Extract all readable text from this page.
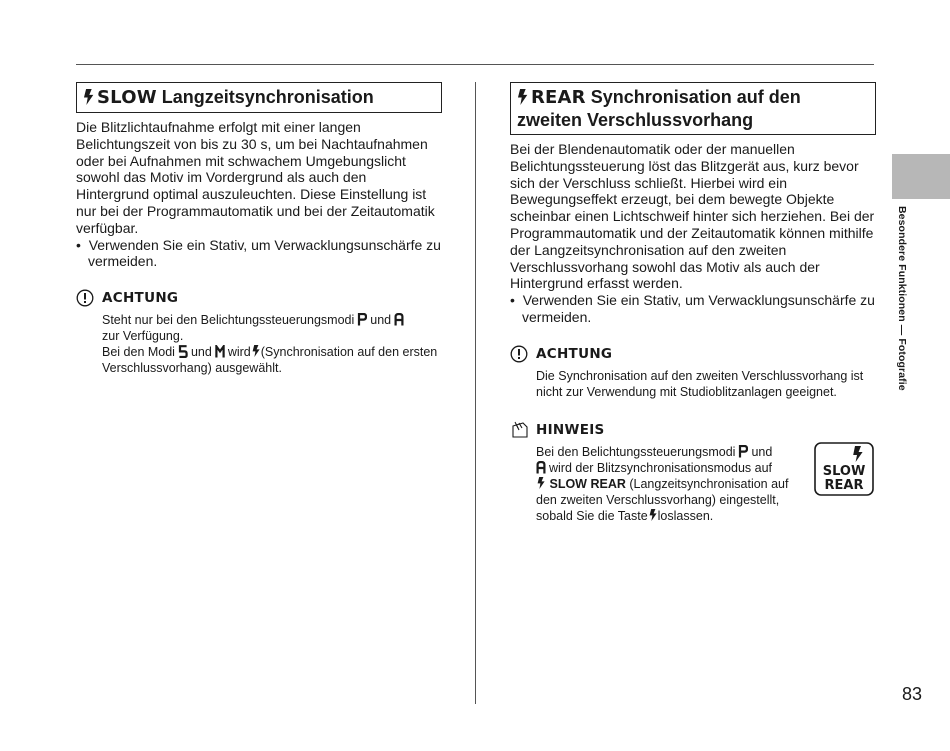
SLOW Langzeitsynchronisation

Die Blitzlichtaufnahme erfolgt mit einer langen Belichtungszeit von bis zu 30 s, um bei Nachtaufnahmen oder bei Aufnahmen mit schwachem Umgebungslicht sowohl das Motiv im Vordergrund als auch den Hintergrund optimal auszuleuchten. Diese Einstellung ist nur bei der Programmautomatik und bei der Zeitautomatik verfügbar.

•  Verwenden Sie ein Stativ, um Verwacklungsunschärfe zu vermeiden.

ACHTUNG
Steht nur bei den Belichtungssteuerungsmodi und
zur Verfügung.
Bei den Modi und wird (Synchronisation auf den ersten Verschlussvorhang) ausgewählt.
REAR Synchronisation auf den zweiten Verschlussvorhang

Bei der Blendenautomatik oder der manuellen Belichtungssteuerung löst das Blitzgerät aus, kurz bevor sich der Verschluss schließt. Hierbei wird ein Bewegungseffekt erzeugt, bei dem bewegte Objekte scheinbar einen Lichtschweif hinter sich herziehen. Bei der Programmautomatik und der Zeitautomatik können mithilfe der Langzeitsynchronisation auf den zweiten Verschlussvorhang sowohl das Motiv als auch der Hintergrund erfasst werden.

•  Verwenden Sie ein Stativ, um Verwacklungsunschärfe zu vermeiden.

ACHTUNG
Die Synchronisation auf den zweiten Verschlussvorhang ist nicht zur Verwendung mit Studioblitzanlagen geeignet.
HINWEIS
Bei den Belichtungssteuerungsmodi und
wird der Blitzsynchronisationsmodus auf
SLOW REAR (Langzeitsynchronisation auf den zweiten Verschlussvorhang) eingestellt, sobald Sie die Taste loslassen.
SLOW
REAR
Besondere Funktionen — Fotografie
83
